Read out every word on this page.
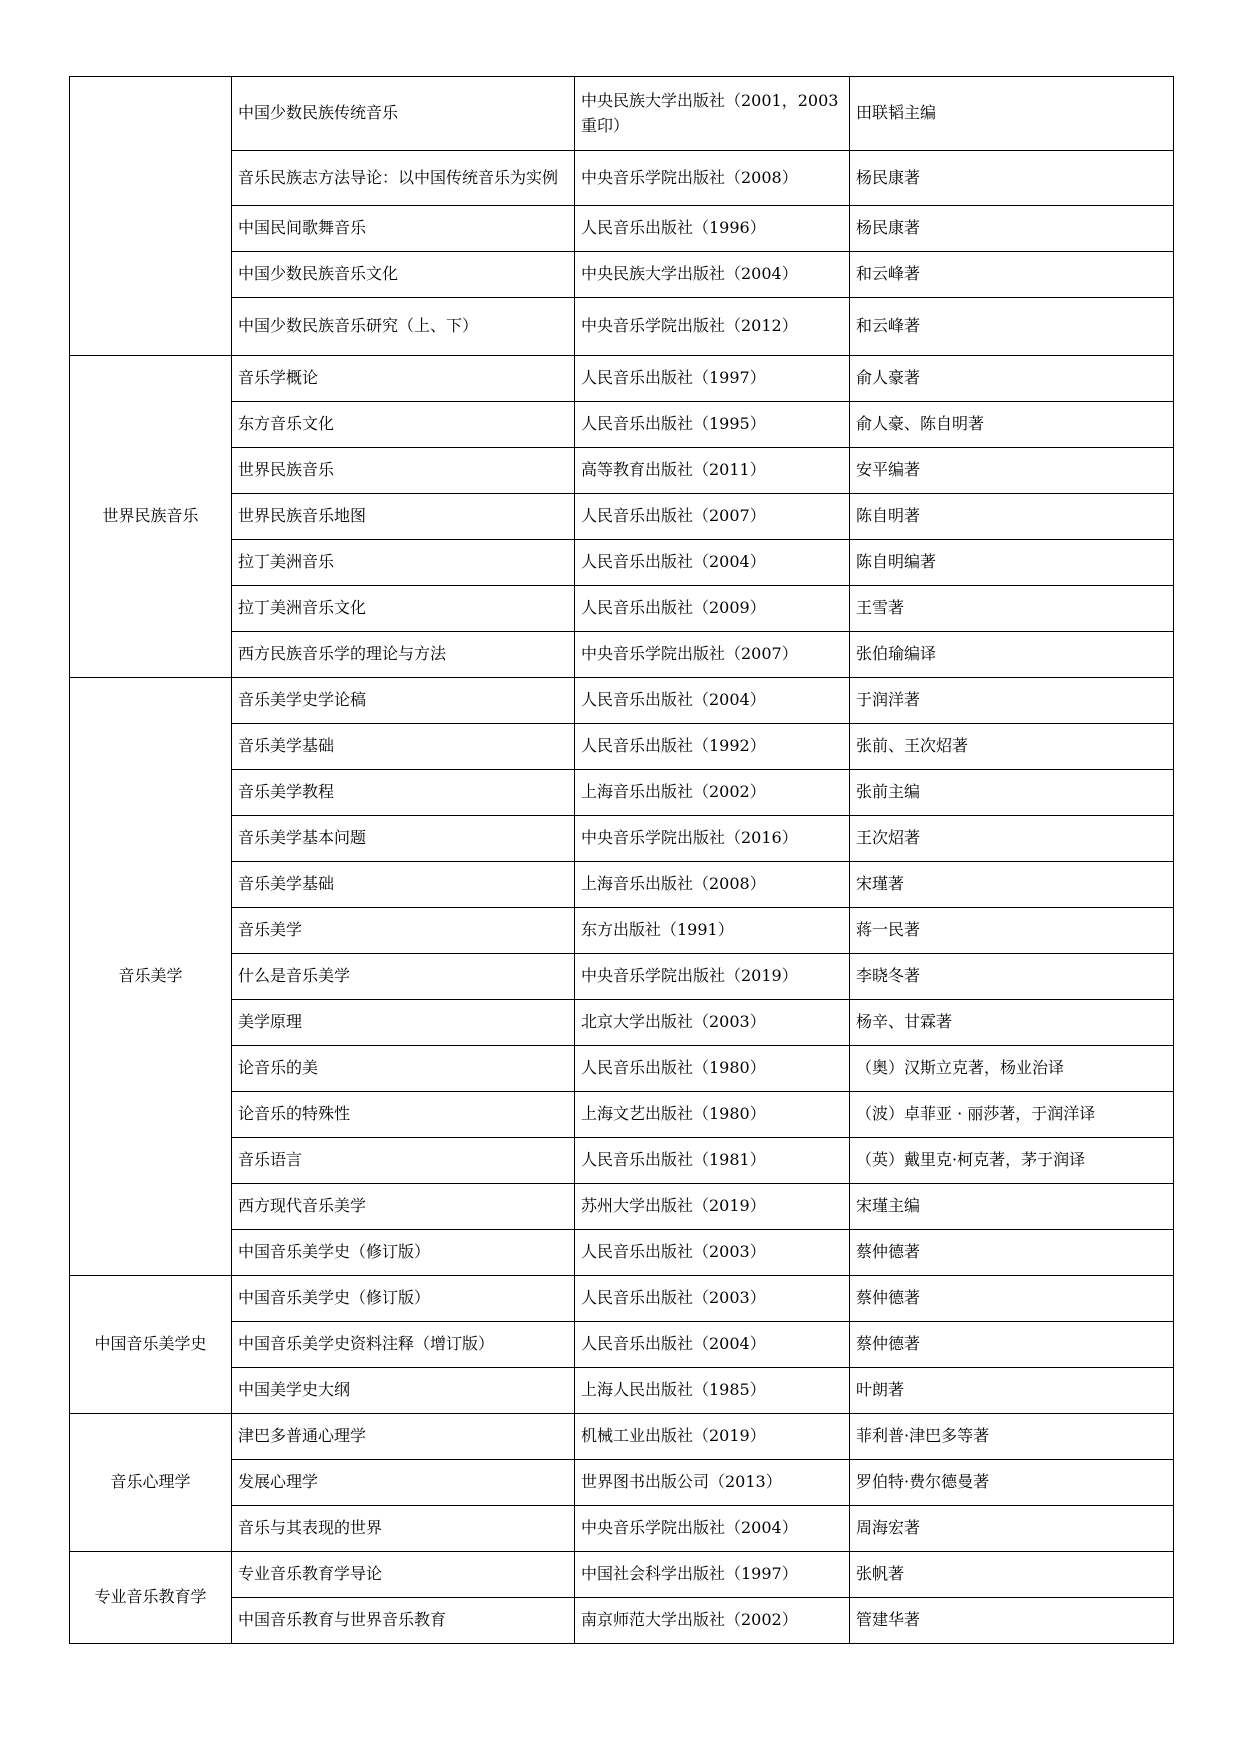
	中国少数民族传统音乐	中央民族大学出版社（2001，2003重印）	田联韬主编
	音乐民族志方法导论：以中国传统音乐为实例	中央音乐学院出版社（2008）	杨民康著
	中国民间歌舞音乐	人民音乐出版社（1996）	杨民康著
	中国少数民族音乐文化	中央民族大学出版社（2004）	和云峰著
	中国少数民族音乐研究（上、下）	中央音乐学院出版社（2012）	和云峰著
世界民族音乐	音乐学概论	人民音乐出版社（1997）	俞人豪著
	东方音乐文化	人民音乐出版社（1995）	俞人豪、陈自明著
	世界民族音乐	高等教育出版社（2011）	安平编著
	世界民族音乐地图	人民音乐出版社（2007）	陈自明著
	拉丁美洲音乐	人民音乐出版社（2004）	陈自明编著
	拉丁美洲音乐文化	人民音乐出版社（2009）	王雪著
	西方民族音乐学的理论与方法	中央音乐学院出版社（2007）	张伯瑜编译
音乐美学	音乐美学史学论稿	人民音乐出版社（2004）	于润洋著
	音乐美学基础	人民音乐出版社（1992）	张前、王次炤著
	音乐美学教程	上海音乐出版社（2002）	张前主编
	音乐美学基本问题	中央音乐学院出版社（2016）	王次炤著
	音乐美学基础	上海音乐出版社（2008）	宋瑾著
	音乐美学	东方出版社（1991）	蒋一民著
	什么是音乐美学	中央音乐学院出版社（2019）	李晓冬著
	美学原理	北京大学出版社（2003）	杨辛、甘霖著
	论音乐的美	人民音乐出版社（1980）	（奥）汉斯立克著，杨业治译
	论音乐的特殊性	上海文艺出版社（1980）	（波）卓菲亚 · 丽莎著，于润洋译
	音乐语言	人民音乐出版社（1981）	（英）戴里克·柯克著，茅于润译
	西方现代音乐美学	苏州大学出版社（2019）	宋瑾主编
	中国音乐美学史（修订版）	人民音乐出版社（2003）	蔡仲德著
中国音乐美学史	中国音乐美学史（修订版）	人民音乐出版社（2003）	蔡仲德著
	中国音乐美学史资料注释（增订版）	人民音乐出版社（2004）	蔡仲德著
	中国美学史大纲	上海人民出版社（1985）	叶朗著
音乐心理学	津巴多普通心理学	机械工业出版社（2019）	菲利普·津巴多等著
	发展心理学	世界图书出版公司（2013）	罗伯特·费尔德曼著
	音乐与其表现的世界	中央音乐学院出版社（2004）	周海宏著
专业音乐教育学	专业音乐教育学导论	中国社会科学出版社（1997）	张帆著
	中国音乐教育与世界音乐教育	南京师范大学出版社（2002）	管建华著
